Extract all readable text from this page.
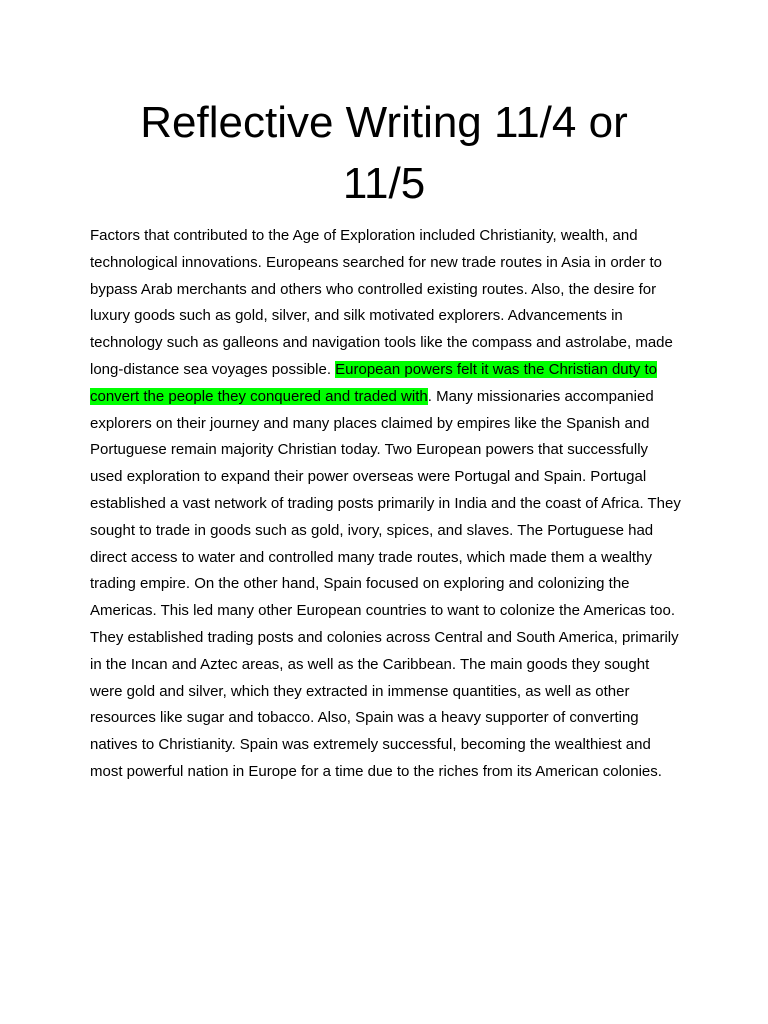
Reflective Writing 11/4 or 11/5

Factors that contributed to the Age of Exploration included Christianity, wealth, and technological innovations. Europeans searched for new trade routes in Asia in order to bypass Arab merchants and others who controlled existing routes. Also, the desire for luxury goods such as gold, silver, and silk motivated explorers. Advancements in technology such as galleons and navigation tools like the compass and astrolabe, made long-distance sea voyages possible. European powers felt it was the Christian duty to convert the people they conquered and traded with. Many missionaries accompanied explorers on their journey and many places claimed by empires like the Spanish and Portuguese remain majority Christian today. Two European powers that successfully used exploration to expand their power overseas were Portugal and Spain. Portugal established a vast network of trading posts primarily in India and the coast of Africa. They sought to trade in goods such as gold, ivory, spices, and slaves. The Portuguese had direct access to water and controlled many trade routes, which made them a wealthy trading empire. On the other hand, Spain focused on exploring and colonizing the Americas. This led many other European countries to want to colonize the Americas too. They established trading posts and colonies across Central and South America, primarily in the Incan and Aztec areas, as well as the Caribbean. The main goods they sought were gold and silver, which they extracted in immense quantities, as well as other resources like sugar and tobacco. Also, Spain was a heavy supporter of converting natives to Christianity. Spain was extremely successful, becoming the wealthiest and most powerful nation in Europe for a time due to the riches from its American colonies.
